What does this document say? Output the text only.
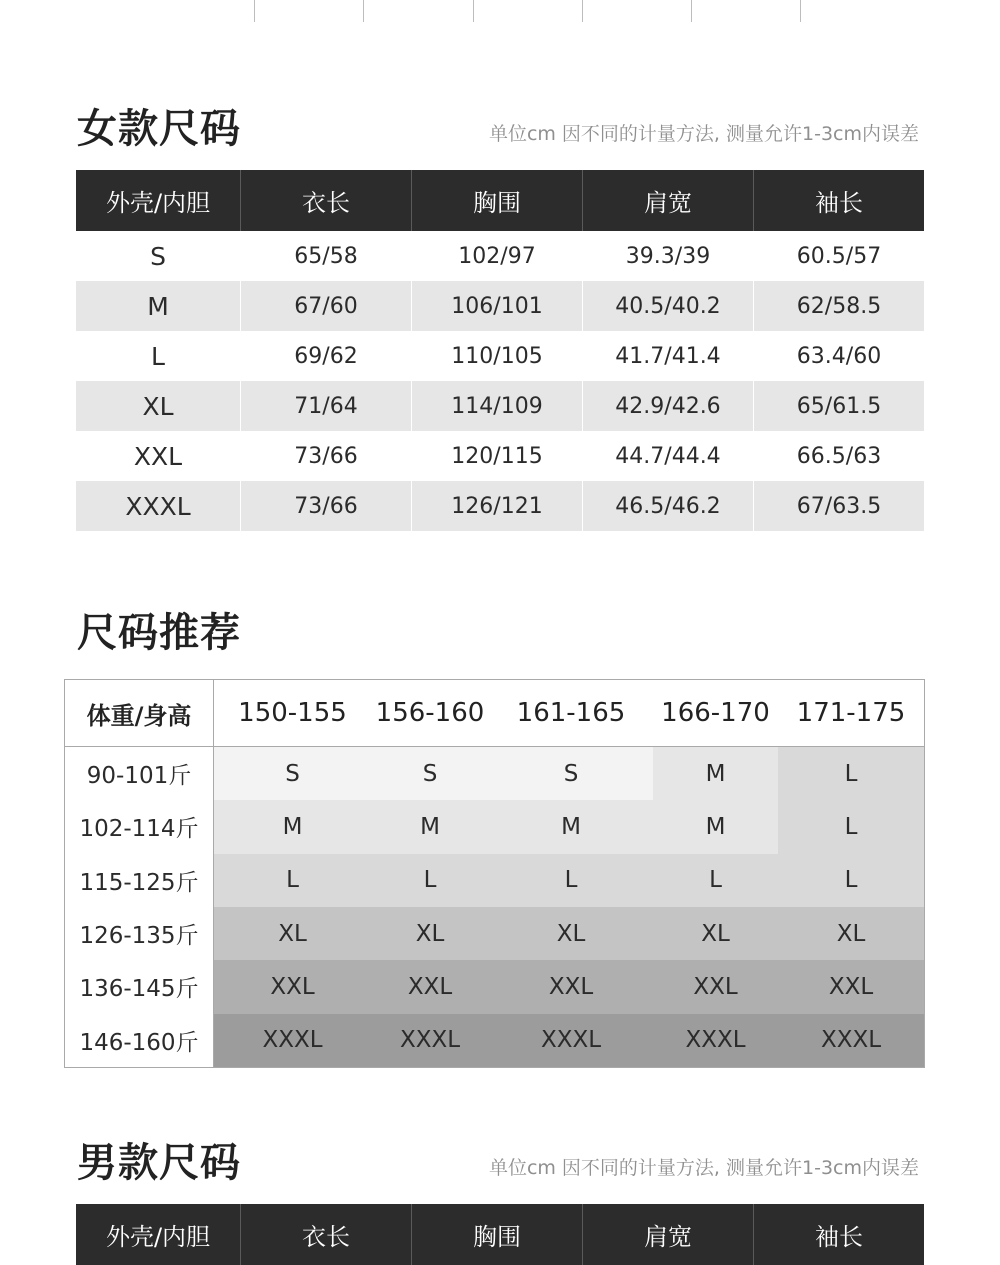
女款尺码	单位cm 因不同的计量方法, 测量允许1-3cm内误差
外壳/内胆	衣长	胸围	肩宽	袖长
S	65/58	102/97	39.3/39	60.5/57
M	67/60	106/101	40.5/40.2	62/58.5
L	69/62	110/105	41.7/41.4	63.4/60
XL	71/64	114/109	42.9/42.6	65/61.5
XXL	73/66	120/115	44.7/44.4	66.5/63
XXXL	73/66	126/121	46.5/46.2	67/63.5
尺码推荐
体重/身高	150-155	156-160	161-165	166-170	171-175
90-101斤	S	S	S	M	L
102-114斤	M	M	M	M	L
115-125斤	L	L	L	L	L
126-135斤	XL	XL	XL	XL	XL
136-145斤	XXL	XXL	XXL	XXL	XXL
146-160斤	XXXL	XXXL	XXXL	XXXL	XXXL
男款尺码	单位cm 因不同的计量方法, 测量允许1-3cm内误差
外壳/内胆	衣长	胸围	肩宽	袖长
